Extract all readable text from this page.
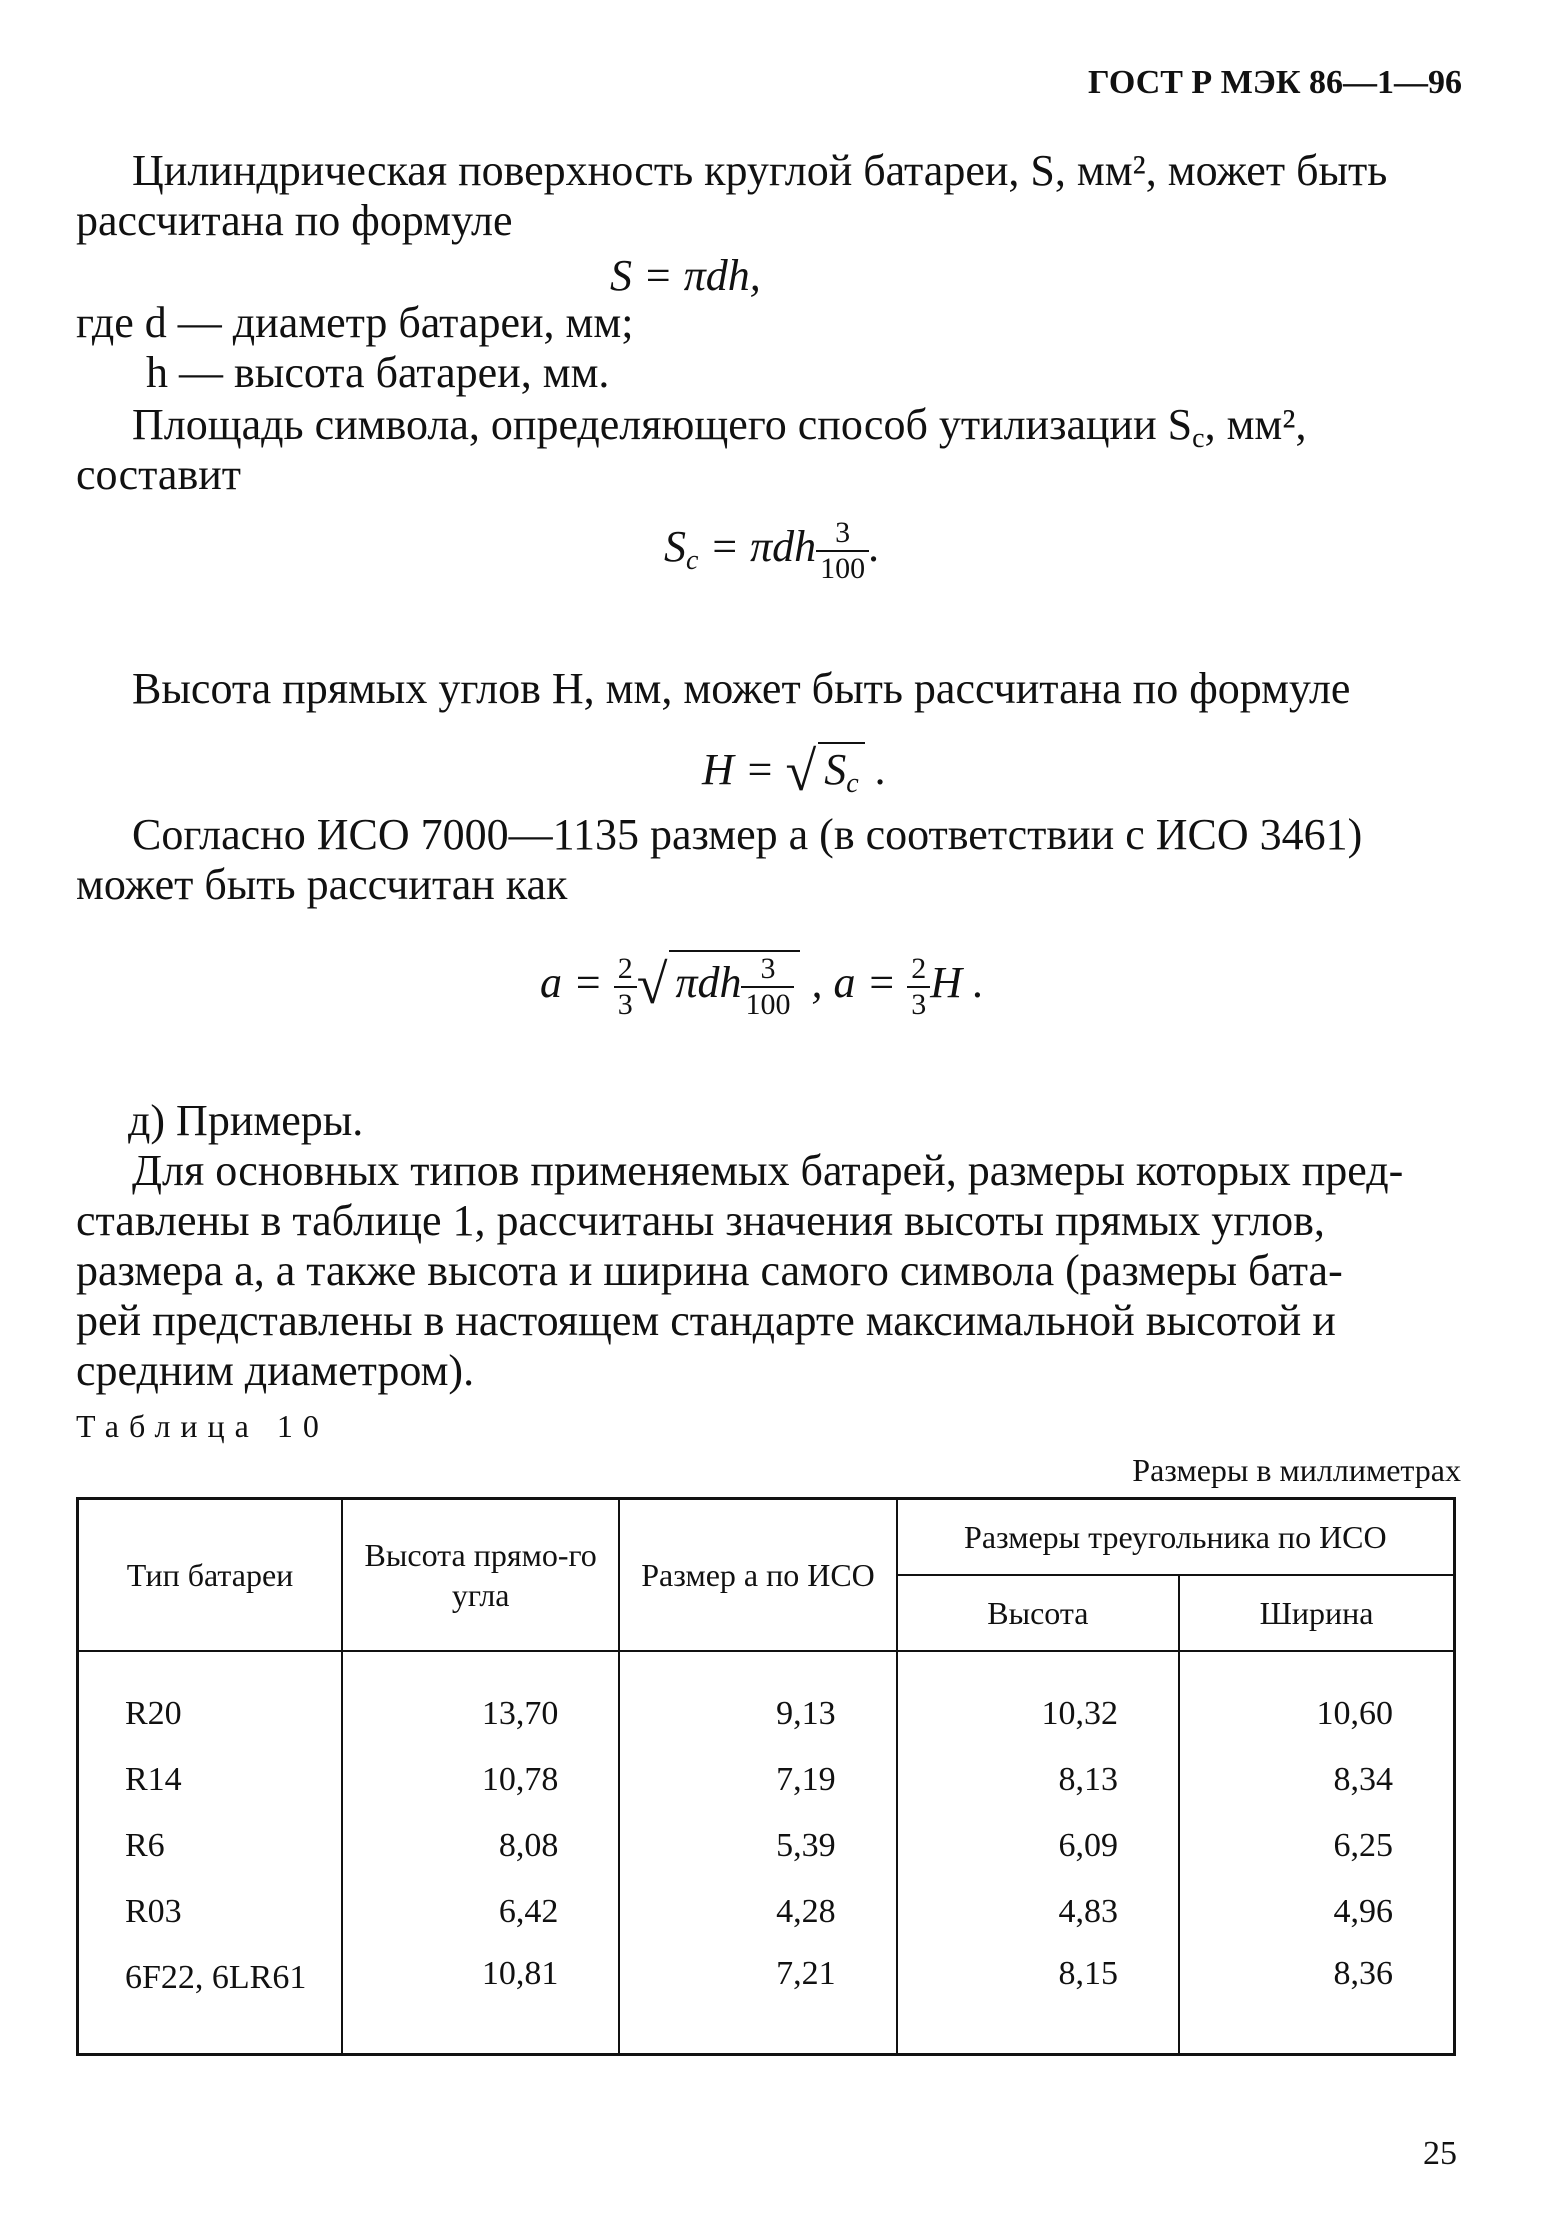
ГОСТ Р МЭК 86—1—96
Цилиндрическая поверхность круглой батареи, S, мм², может быть
рассчитана по формуле
S = πdh,
где d — диаметр батареи, мм;
h — высота батареи, мм.
Площадь символа, определяющего способ утилизации $S_c$, мм²,
составит
$S_c = \pi dh \frac{3}{100}$ .
Высота прямых углов H, мм, может быть рассчитана по формуле
H = √ $S_c$ .
Согласно ИСО 7000—1135 размер a (в соответствии с ИСО 3461)
может быть рассчитан как
$a = \frac{2}{3}$ √ πdh $\frac{3}{100}$ , $a = \frac{2}{3}$ H .
д) Примеры.
Для основных типов применяемых батарей, размеры которых пред-
ставлены в таблице 1, рассчитаны значения высоты прямых углов,
размера a, а также высота и ширина самого символа (размеры бата-
рей представлены в настоящем стандарте максимальной высотой и
средним диаметром).
Таблица 10
Размеры в миллиметрах
Тип батареи	Высота прямо-го угла	Размер a по ИСО	Размеры треугольника по ИСО	
			Высота	Ширина

R20	13,70	9,13	10,32	10,60
R14	10,78	7,19	8,13	8,34
R6	8,08	5,39	6,09	6,25
R03	6,42	4,28	4,83	4,96
6F22, 6LR61	10,81	7,21	8,15	8,36
25
